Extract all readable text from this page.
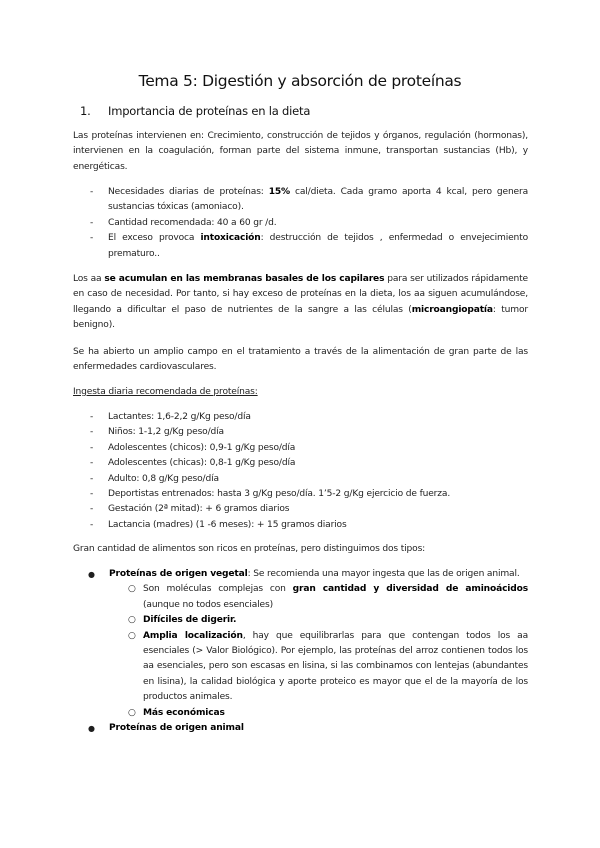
Tema 5: Digestión y absorción de proteínas
1. Importancia de proteínas en la dieta

Las proteínas intervienen en: Crecimiento, construcción de tejidos y órganos, regulación (hormonas), intervienen en la coagulación, forman parte del sistema inmune, transportan sustancias (Hb), y energéticas.

- Necesidades diarias de proteínas: 15% cal/dieta. Cada gramo aporta 4 kcal, pero genera sustancias tóxicas (amoniaco).
- Cantidad recomendada: 40 a 60 gr /d.
- El exceso provoca intoxicación: destrucción de tejidos , enfermedad o envejecimiento prematuro..

Los aa se acumulan en las membranas basales de los capilares para ser utilizados rápidamente en caso de necesidad. Por tanto, si hay exceso de proteínas en la dieta, los aa siguen acumulándose, llegando a dificultar el paso de nutrientes de la sangre a las células (microangiopatía: tumor benigno).

Se ha abierto un amplio campo en el tratamiento a través de la alimentación de gran parte de las enfermedades cardiovasculares.

Ingesta diaria recomendada de proteínas:

- Lactantes: 1,6-2,2 g/Kg peso/día
- Niños: 1-1,2 g/Kg peso/día
- Adolescentes (chicos): 0,9-1 g/Kg peso/día
- Adolescentes (chicas): 0,8-1 g/Kg peso/día
- Adulto: 0,8 g/Kg peso/día
- Deportistas entrenados: hasta 3 g/Kg peso/día. 1’5-2 g/Kg ejercicio de fuerza.
- Gestación (2ª mitad): + 6 gramos diarios
- Lactancia (madres) (1 -6 meses): + 15 gramos diarios

Gran cantidad de alimentos son ricos en proteínas, pero distinguimos dos tipos:

● Proteínas de origen vegetal: Se recomienda una mayor ingesta que las de origen animal.
○ Son moléculas complejas con gran cantidad y diversidad de aminoácidos (aunque no todos esenciales)
○ Difíciles de digerir.
○ Amplia localización, hay que equilibrarlas para que contengan todos los aa esenciales (> Valor Biológico). Por ejemplo, las proteínas del arroz contienen todos los aa esenciales, pero son escasas en lisina, si las combinamos con lentejas (abundantes en lisina), la calidad biológica y aporte proteico es mayor que el de la mayoría de los productos animales.
○ Más económicas
● Proteínas de origen animal
